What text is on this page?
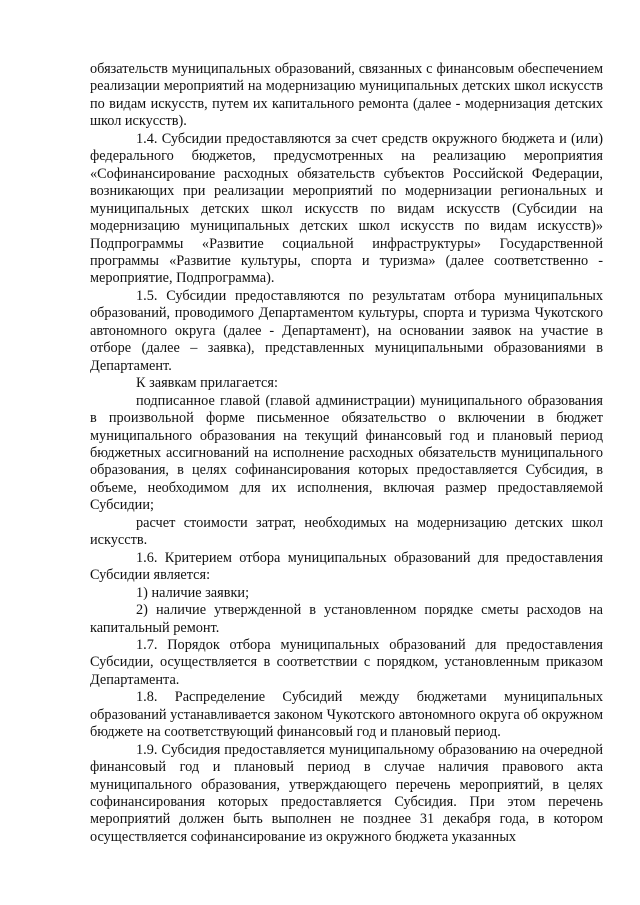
обязательств муниципальных образований, связанных с финансовым обеспечением реализации мероприятий на модернизацию муниципальных детских школ искусств по видам искусств, путем их капитального ремонта (далее - модернизация детских школ искусств).

1.4. Субсидии предоставляются за счет средств окружного бюджета и (или) федерального бюджетов, предусмотренных на реализацию мероприятия «Софинансирование расходных обязательств субъектов Российской Федерации, возникающих при реализации мероприятий по модернизации региональных и муниципальных детских школ искусств по видам искусств (Субсидии на модернизацию муниципальных детских школ искусств по видам искусств)» Подпрограммы «Развитие социальной инфраструктуры» Государственной программы «Развитие культуры, спорта и туризма» (далее соответственно - мероприятие, Подпрограмма).

1.5. Субсидии предоставляются по результатам отбора муниципальных образований, проводимого Департаментом культуры, спорта и туризма Чукотского автономного округа (далее - Департамент), на основании заявок на участие в отборе (далее – заявка), представленных муниципальными образованиями в Департамент.

К заявкам прилагается:

подписанное главой (главой администрации) муниципального образования в произвольной форме письменное обязательство о включении в бюджет муниципального образования на текущий финансовый год и плановый период бюджетных ассигнований на исполнение расходных обязательств муниципального образования, в целях софинансирования которых предоставляется Субсидия, в объеме, необходимом для их исполнения, включая размер предоставляемой Субсидии;

расчет стоимости затрат, необходимых на модернизацию детских школ искусств.

1.6. Критерием отбора муниципальных образований для предоставления Субсидии является:

1) наличие заявки;

2) наличие утвержденной в установленном порядке сметы расходов на капитальный ремонт.

1.7. Порядок отбора муниципальных образований для предоставления Субсидии, осуществляется в соответствии с порядком, установленным приказом Департамента.

1.8. Распределение Субсидий между бюджетами муниципальных образований устанавливается законом Чукотского автономного округа об окружном бюджете на соответствующий финансовый год и плановый период.

1.9. Субсидия предоставляется муниципальному образованию на очередной финансовый год и плановый период в случае наличия правового акта муниципального образования, утверждающего перечень мероприятий, в целях софинансирования которых предоставляется Субсидия. При этом перечень мероприятий должен быть выполнен не позднее 31 декабря года, в котором осуществляется софинансирование из окружного бюджета указанных
